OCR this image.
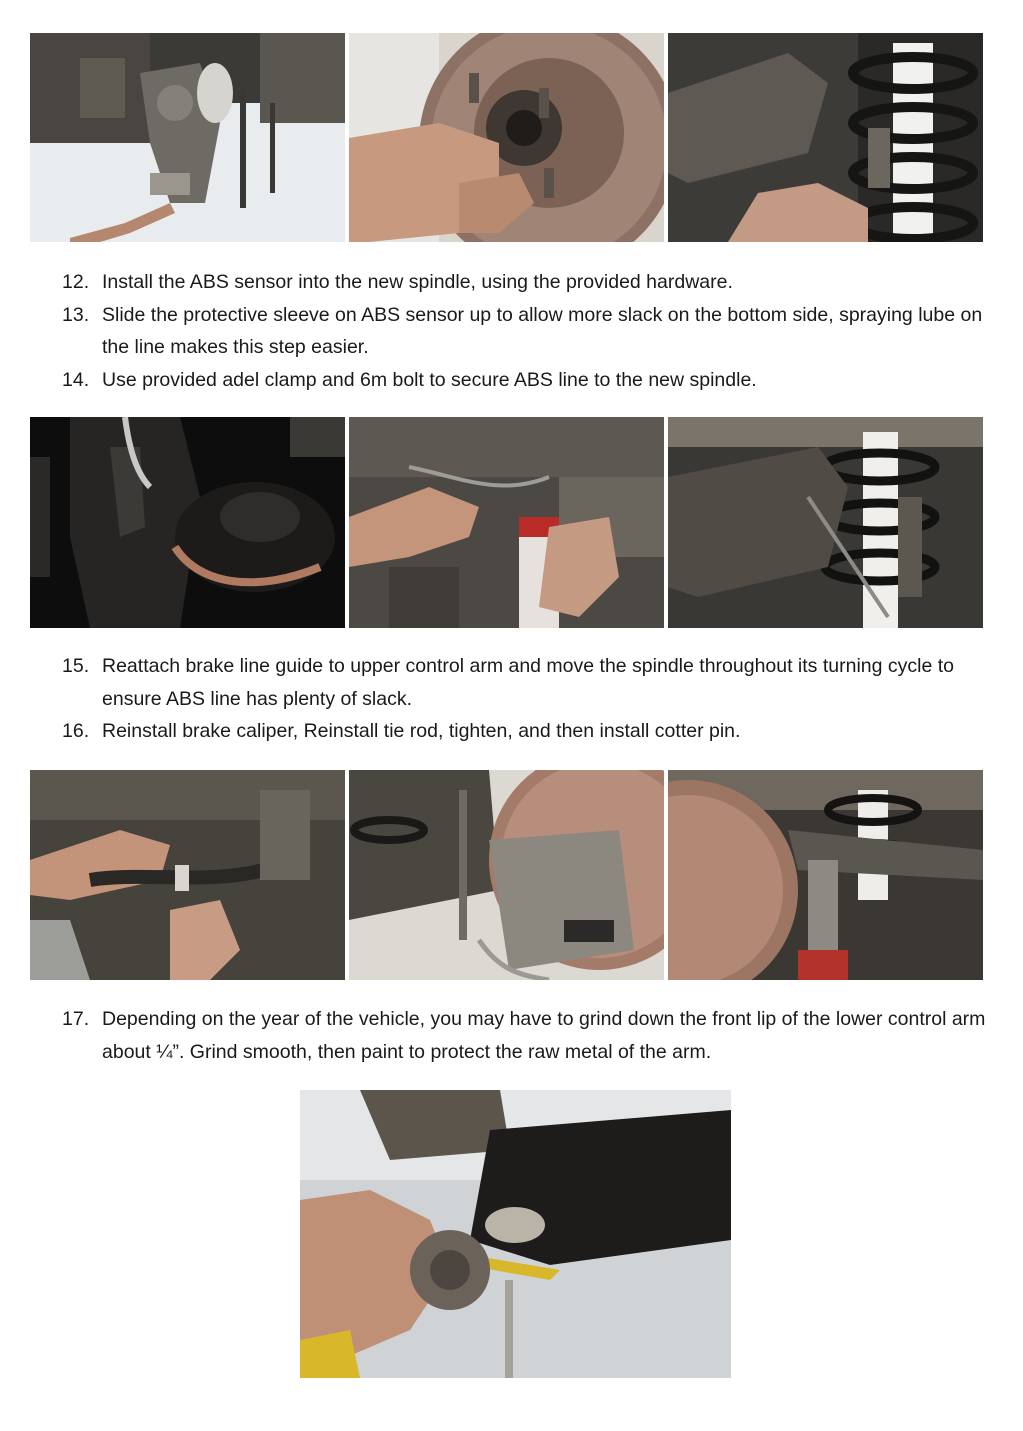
12. Install the ABS sensor into the new spindle, using the provided hardware.
13. Slide the protective sleeve on ABS sensor up to allow more slack on the bottom side, spraying lube on the line makes this step easier.
14. Use provided adel clamp and 6m bolt to secure ABS line to the new spindle.
15. Reattach brake line guide to upper control arm and move the spindle throughout its turning cycle to ensure ABS line has plenty of slack.
16. Reinstall brake caliper, Reinstall tie rod, tighten, and then install cotter pin.
17. Depending on the year of the vehicle, you may have to grind down the front lip of the lower control arm about ¼”. Grind smooth, then paint to protect the raw metal of the arm.
